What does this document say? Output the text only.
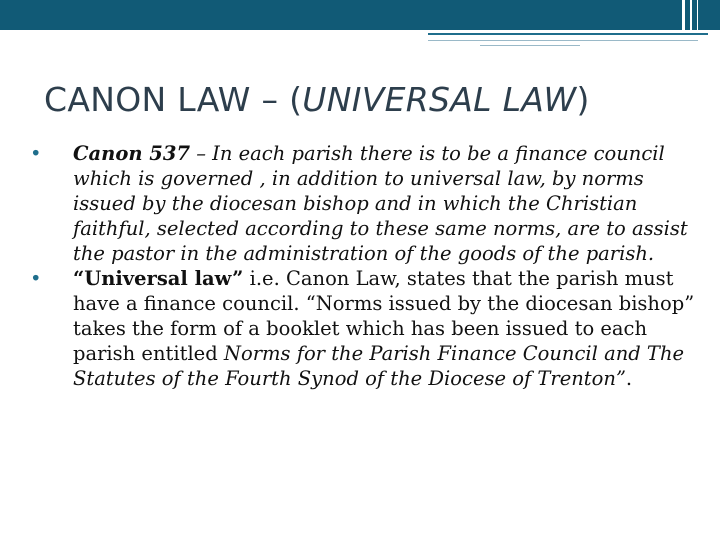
CANON LAW – (UNIVERSAL LAW)

• Canon 537 – In each parish there is to be a finance council which is governed , in addition to universal law, by norms issued by the diocesan bishop and in which the Christian faithful, selected according to these same norms, are to assist the pastor in the administration of the goods of the parish.

• “Universal law” i.e. Canon Law, states that the parish must have a finance council. “Norms issued by the diocesan bishop” takes the form of a booklet which has been issued to each parish entitled Norms for the Parish Finance Council and The Statutes of the Fourth Synod of the Diocese of Trenton”.
